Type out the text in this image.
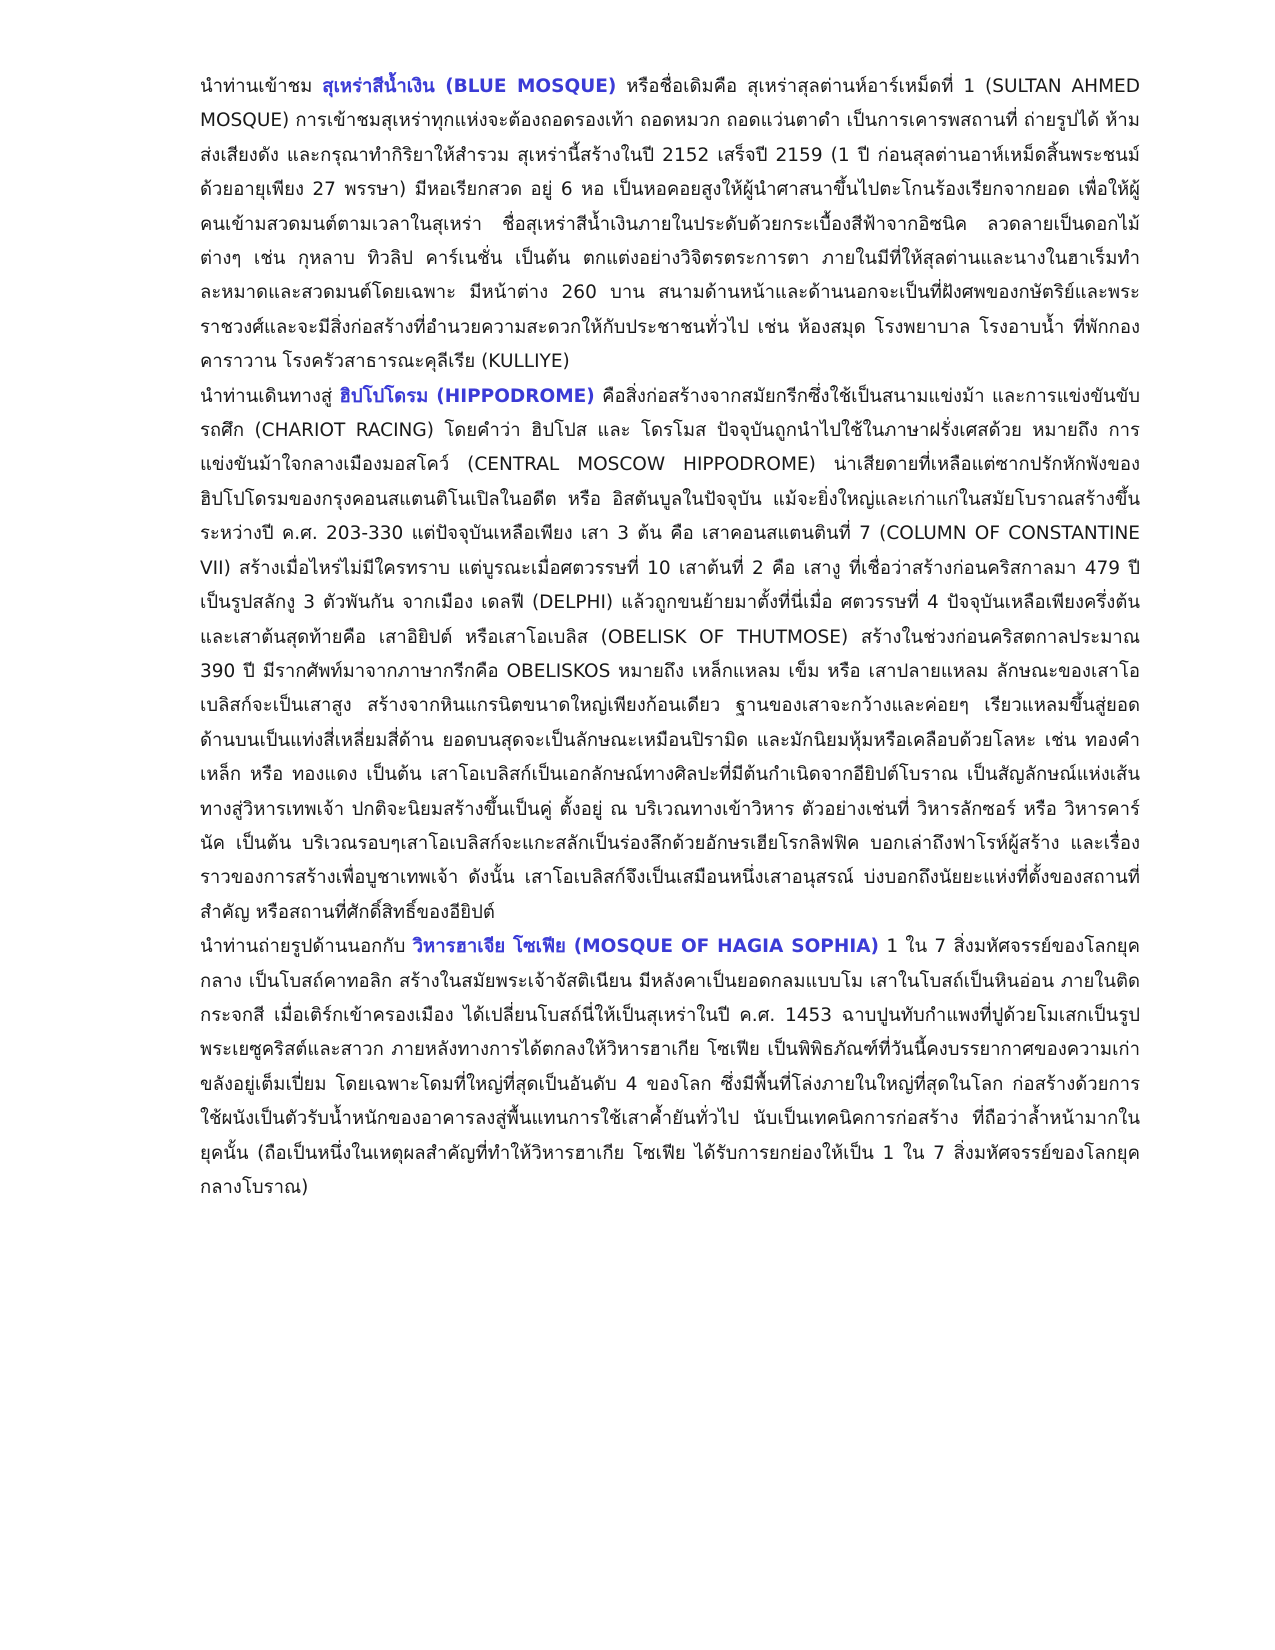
นำท่านเข้าชม สุเหร่าสีน้ำเงิน (BLUE MOSQUE) หรือชื่อเดิมคือ สุเหร่าสุลต่านห์อาร์เหม็ดที่ 1 (SULTAN AHMED MOSQUE) การเข้าชมสุเหร่าทุกแห่งจะต้องถอดรองเท้า ถอดหมวก ถอดแว่นตาดำ เป็นการเคารพสถานที่ ถ่ายรูปได้ ห้ามส่งเสียงดัง และกรุณาทำกิริยาให้สำรวม สุเหร่านี้สร้างในปี 2152 เสร็จปี 2159 (1 ปี ก่อนสุลต่านอาห์เหม็ดสิ้นพระชนม์ด้วยอายุเพียง 27 พรรษา) มีหอเรียกสวด อยู่ 6 หอ เป็นหอคอยสูงให้ผู้นำศาสนาขึ้นไปตะโกนร้องเรียกจากยอด เพื่อให้ผู้คนเข้ามสวดมนต์ตามเวลาในสุเหร่า ชื่อสุเหร่าสีน้ำเงินภายในประดับด้วยกระเบื้องสีฟ้าจากอิซนิค ลวดลายเป็นดอกไม้ต่างๆ เช่น กุหลาบ ทิวลิป คาร์เนชั่น เป็นต้น ตกแต่งอย่างวิจิตรตระการตา ภายในมีที่ให้สุลต่านและนางในฮาเร็มทำละหมาดและสวดมนต์โดยเฉพาะ มีหน้าต่าง 260 บาน สนามด้านหน้าและด้านนอกจะเป็นที่ฝังศพของกษัตริย์และพระราชวงศ์และจะมีสิ่งก่อสร้างที่อำนวยความสะดวกให้กับประชาชนทั่วไป เช่น ห้องสมุด โรงพยาบาล โรงอาบน้ำ ที่พักกองคาราวาน โรงครัวสาธารณะคุลีเรีย (KULLIYE)

นำท่านเดินทางสู่ ฮิปโปโดรม (HIPPODROME) คือสิ่งก่อสร้างจากสมัยกรีกซึ่งใช้เป็นสนามแข่งม้า และการแข่งขันขับรถศึก (CHARIOT RACING) โดยคำว่า ฮิปโปส และ โดรโมส ปัจจุบันถูกนำไปใช้ในภาษาฝรั่งเศสด้วย หมายถึง การแข่งขันม้าใจกลางเมืองมอสโคว์ (CENTRAL MOSCOW HIPPODROME) น่าเสียดายที่เหลือแต่ซากปรักหักพังของ ฮิปโปโดรมของกรุงคอนสแตนติโนเปิลในอดีต หรือ อิสตันบูลในปัจจุบัน แม้จะยิ่งใหญ่และเก่าแก่ในสมัยโบราณสร้างขึ้นระหว่างปี ค.ศ. 203-330 แต่ปัจจุบันเหลือเพียง เสา 3 ต้น คือ เสาคอนสแตนตินที่ 7 (COLUMN OF CONSTANTINE VII) สร้างเมื่อไหร่ไม่มีใครทราบ แต่บูรณะเมื่อศตวรรษที่ 10 เสาต้นที่ 2 คือ เสางู ที่เชื่อว่าสร้างก่อนคริสกาลมา 479 ปี เป็นรูปสลักงู 3 ตัวพันกัน จากเมือง เดลฟี (DELPHI) แล้วถูกขนย้ายมาตั้งที่นี่เมื่อ ศตวรรษที่ 4 ปัจจุบันเหลือเพียงครึ่งต้น และเสาต้นสุดท้ายคือ เสาอิยิปต์ หรือเสาโอเบลิส (OBELISK OF THUTMOSE) สร้างในช่วงก่อนคริสตกาลประมาณ 390 ปี มีรากศัพท์มาจากภาษากรีกคือ OBELISKOS หมายถึง เหล็กแหลม เข็ม หรือ เสาปลายแหลม ลักษณะของเสาโอเบลิสก์จะเป็นเสาสูง สร้างจากหินแกรนิตขนาดใหญ่เพียงก้อนเดียว ฐานของเสาจะกว้างและค่อยๆ เรียวแหลมขึ้นสู่ยอดด้านบนเป็นแท่งสี่เหลี่ยมสี่ด้าน ยอดบนสุดจะเป็นลักษณะเหมือนปิรามิด และมักนิยมหุ้มหรือเคลือบด้วยโลหะ เช่น ทองคำ เหล็ก หรือ ทองแดง เป็นต้น เสาโอเบลิสก์เป็นเอกลักษณ์ทางศิลปะที่มีต้นกำเนิดจากอียิปต์โบราณ เป็นสัญลักษณ์แห่งเส้นทางสู่วิหารเทพเจ้า ปกติจะนิยมสร้างขึ้นเป็นคู่ ตั้งอยู่ ณ บริเวณทางเข้าวิหาร ตัวอย่างเช่นที่ วิหารลักซอร์ หรือ วิหารคาร์นัค เป็นต้น บริเวณรอบๆเสาโอเบลิสก์จะแกะสลักเป็นร่องลึกด้วยอักษรเฮียโรกลิฟฟิค บอกเล่าถึงฟาโรห์ผู้สร้าง และเรื่องราวของการสร้างเพื่อบูชาเทพเจ้า ดังนั้น เสาโอเบลิสก์จึงเป็นเสมือนหนึ่งเสาอนุสรณ์ บ่งบอกถึงนัยยะแห่งที่ตั้งของสถานที่สำคัญ หรือสถานที่ศักดิ์สิทธิ์ของอียิปต์

นำท่านถ่ายรูปด้านนอกกับ วิหารฮาเจีย โซเฟีย (MOSQUE OF HAGIA SOPHIA) 1 ใน 7 สิ่งมหัศจรรย์ของโลกยุคกลาง เป็นโบสถ์คาทอลิก สร้างในสมัยพระเจ้าจัสติเนียน มีหลังคาเป็นยอดกลมแบบโม เสาในโบสถ์เป็นหินอ่อน ภายในติดกระจกสี เมื่อเติร์กเข้าครองเมือง ได้เปลี่ยนโบสถ์นี่ให้เป็นสุเหร่าในปี ค.ศ. 1453 ฉาบปูนทับกำแพงที่ปูด้วยโมเสกเป็นรูปพระเยซูคริสต์และสาวก ภายหลังทางการได้ตกลงให้วิหารฮาเกีย โซเฟีย เป็นพิพิธภัณฑ์ที่วันนี้คงบรรยากาศของความเก่าขลังอยู่เต็มเปี่ยม โดยเฉพาะโดมที่ใหญ่ที่สุดเป็นอันดับ 4 ของโลก ซึ่งมีพื้นที่โล่งภายในใหญ่ที่สุดในโลก ก่อสร้างด้วยการใช้ผนังเป็นตัวรับน้ำหนักของอาคารลงสู่พื้นแทนการใช้เสาค้ำยันทั่วไป นับเป็นเทคนิคการก่อสร้าง ที่ถือว่าล้ำหน้ามากในยุคนั้น (ถือเป็นหนึ่งในเหตุผลสำคัญที่ทำให้วิหารฮาเกีย โซเฟีย ได้รับการยกย่องให้เป็น 1 ใน 7 สิ่งมหัศจรรย์ของโลกยุคกลางโบราณ)
